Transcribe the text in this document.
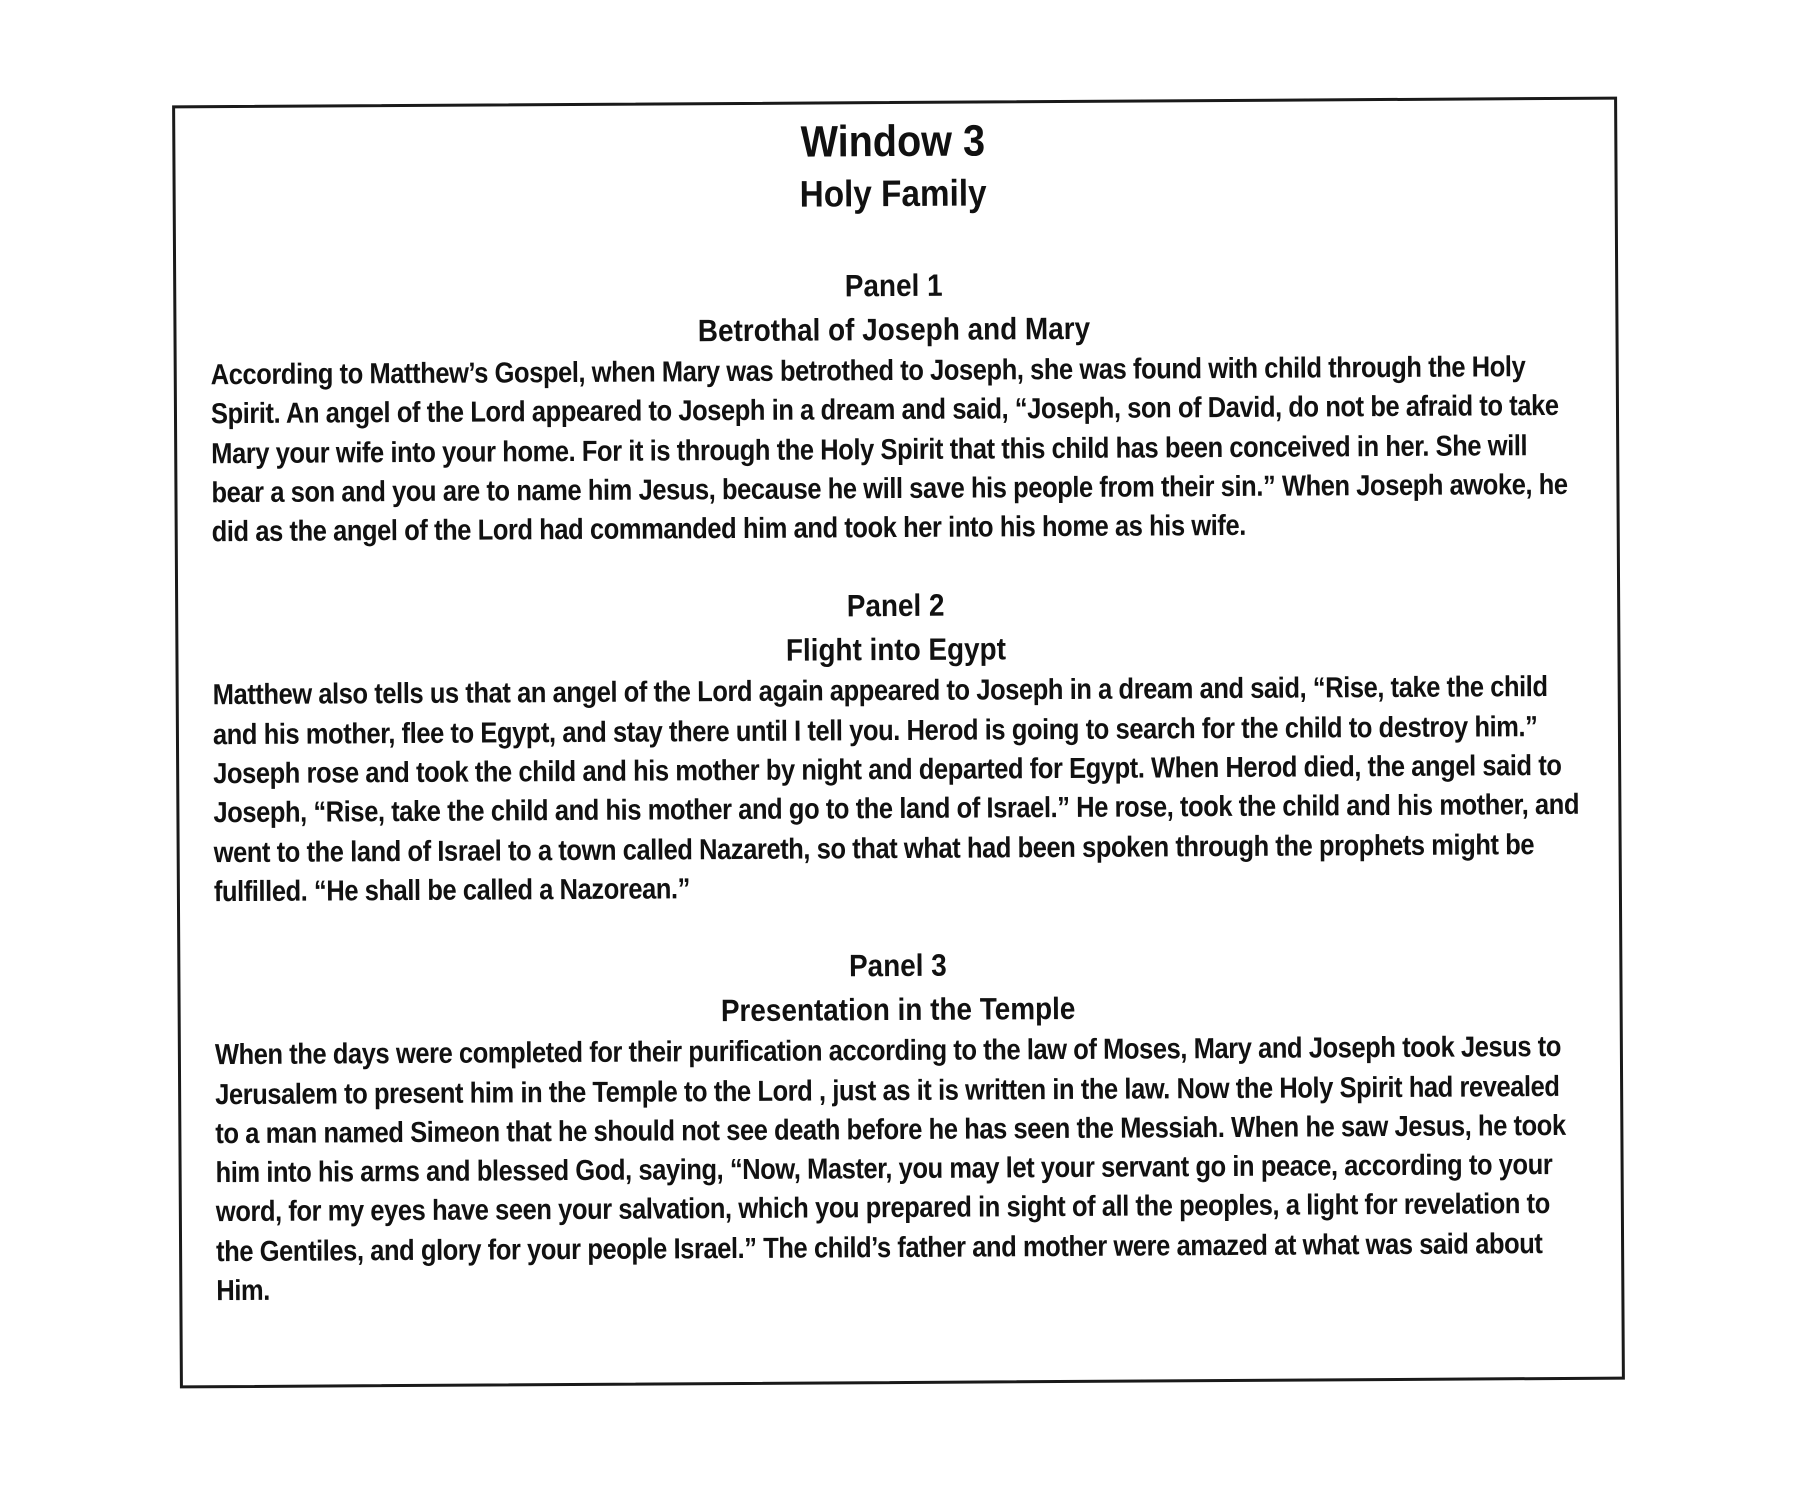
Window 3
Holy Family
Panel 1
Betrothal of Joseph and Mary

According to Matthew’s Gospel, when Mary was betrothed to Joseph, she was found with child through the Holy Spirit. An angel of the Lord appeared to Joseph in a dream and said, “Joseph, son of David, do not be afraid to take Mary your wife into your home. For it is through the Holy Spirit that this child has been conceived in her. She will bear a son and you are to name him Jesus, because he will save his people from their sin.” When Joseph awoke, he did as the angel of the Lord had commanded him and took her into his home as his wife.

Panel 2
Flight into Egypt

Matthew also tells us that an angel of the Lord again appeared to Joseph in a dream and said, “Rise, take the child and his mother, flee to Egypt, and stay there until I tell you. Herod is going to search for the child to destroy him.” Joseph rose and took the child and his mother by night and departed for Egypt. When Herod died, the angel said to Joseph, “Rise, take the child and his mother and go to the land of Israel.” He rose, took the child and his mother, and went to the land of Israel to a town called Nazareth, so that what had been spoken through the prophets might be fulfilled. “He shall be called a Nazorean.”

Panel 3
Presentation in the Temple

When the days were completed for their purification according to the law of Moses, Mary and Joseph took Jesus to Jerusalem to present him in the Temple to the Lord , just as it is written in the law. Now the Holy Spirit had revealed to a man named Simeon that he should not see death before he has seen the Messiah. When he saw Jesus, he took him into his arms and blessed God, saying, “Now, Master, you may let your servant go in peace, according to your word, for my eyes have seen your salvation, which you prepared in sight of all the peoples, a light for revelation to the Gentiles, and glory for your people Israel.” The child’s father and mother were amazed at what was said about Him.
